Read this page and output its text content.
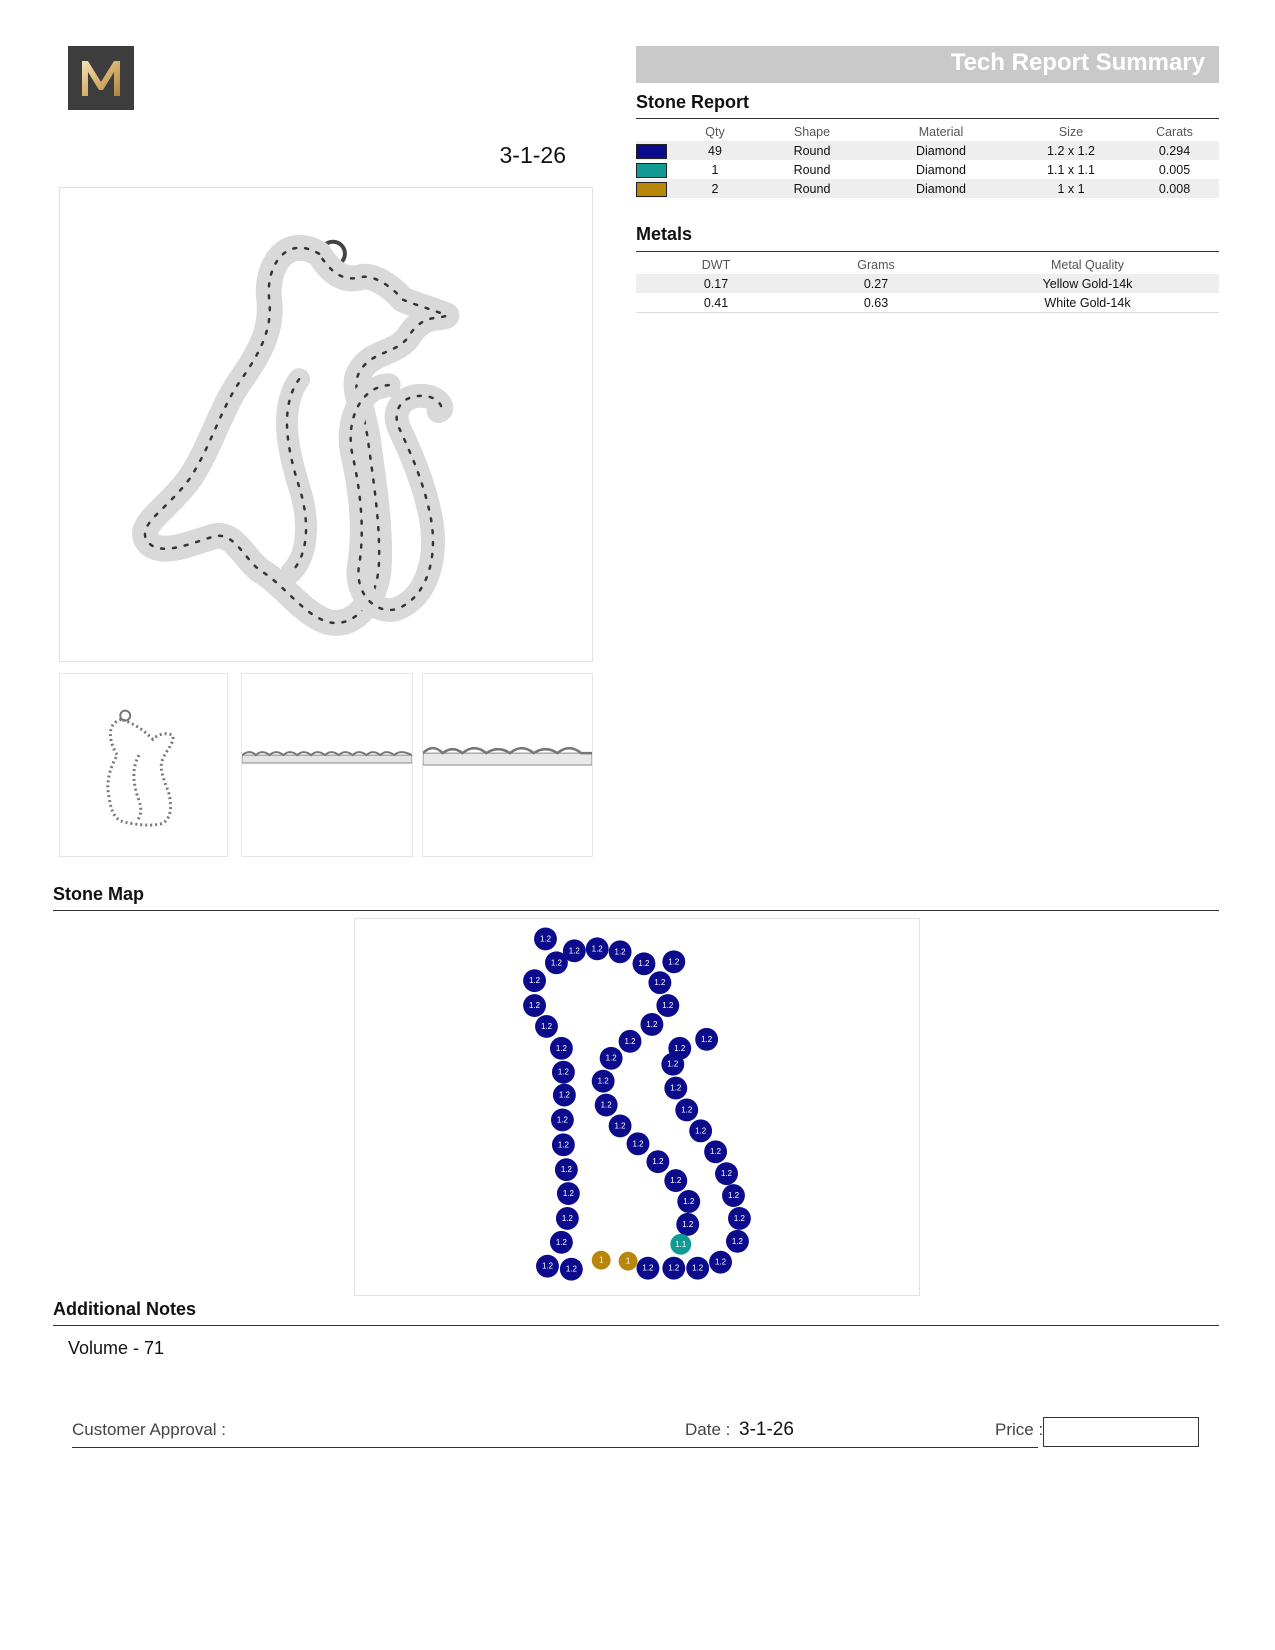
3-1-26
Tech Report Summary
Stone Report
	Qty	Shape	Material	Size	Carats

	49	Round	Diamond	1.2 x 1.2	0.294

	1	Round	Diamond	1.1 x 1.1	0.005

	2	Round	Diamond	1 x 1	0.008
Metals
DWT	Grams	Metal Quality
0.17	0.27	Yellow Gold-14k
0.41	0.63	White Gold-14k
Stone Map
1.2
1.2
1.2
1.2
1.2
1.2
1.2
1.2
1.2
1.2
1.2
1.2
1.2
1.2
1.2 1.2
1.2 1.2 1.2
1.2 1.2
1.2
1.2
1.2
1.2
1.2
1.2
1.2
1.2
1.2
1.2
1.2
1.2
1.2
1.2
1.2
1.2
1.2
1.2
1.2
1.2
1.2
1.2
1.2
1.2
1.2
1.2
1.2
1.2
1	1
1.1
Additional Notes
Volume - 71
Customer Approval :	Date : 3-1-26	Price :
